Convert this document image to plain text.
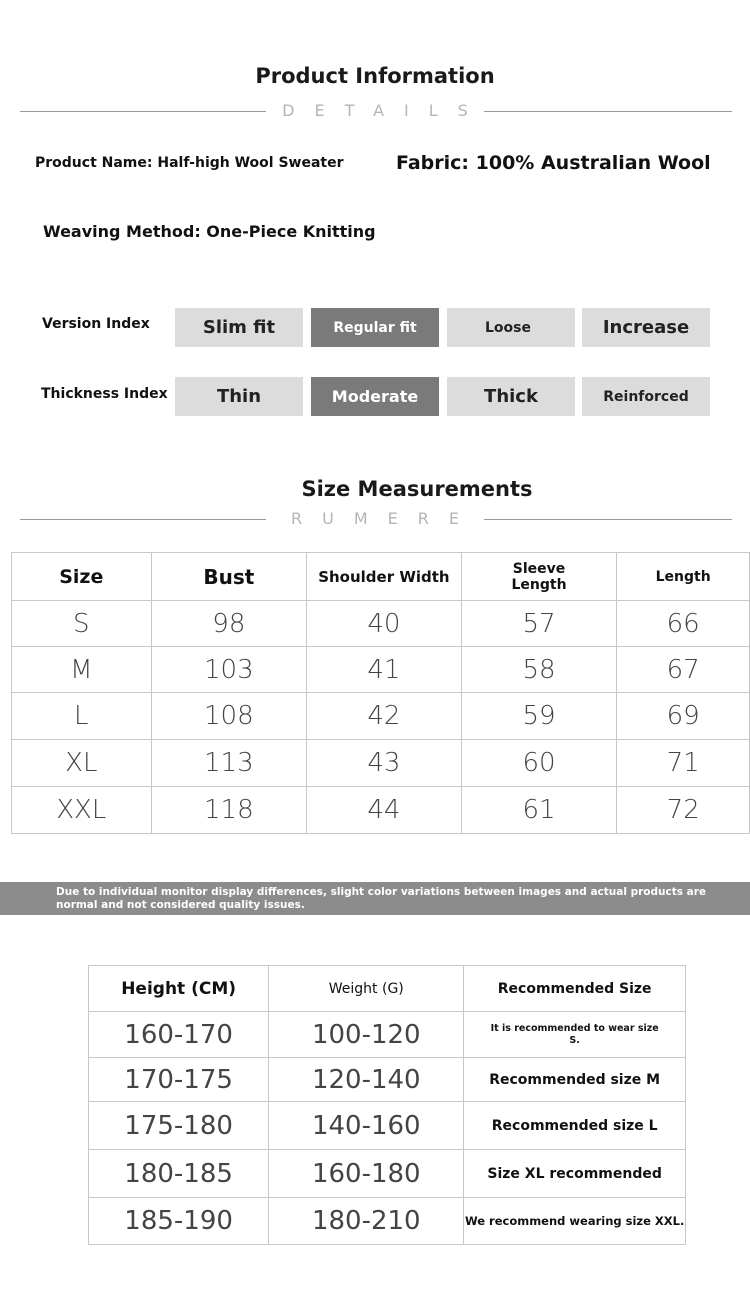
Product Information
DETAILS
Product Name: Half-high Wool Sweater	Fabric: 100% Australian Wool
Weaving Method: One-Piece Knitting
Version Index	Slim fit	Regular fit	Loose	Increase
Thickness Index	Thin	Moderate	Thick	Reinforced
Size Measurements
RUMERE
Size	Bust	Shoulder Width	Sleeve Length	Length
S	98	40	57	66
M	103	41	58	67
L	108	42	59	69
XL	113	43	60	71
XXL	118	44	61	72
Due to individual monitor display differences, slight color variations between images and actual products are normal and not considered quality issues.
Height (CM)	Weight (G)	Recommended Size
160-170	100-120	It is recommended to wear size S.
170-175	120-140	Recommended size M
175-180	140-160	Recommended size L
180-185	160-180	Size XL recommended
185-190	180-210	We recommend wearing size XXL.
